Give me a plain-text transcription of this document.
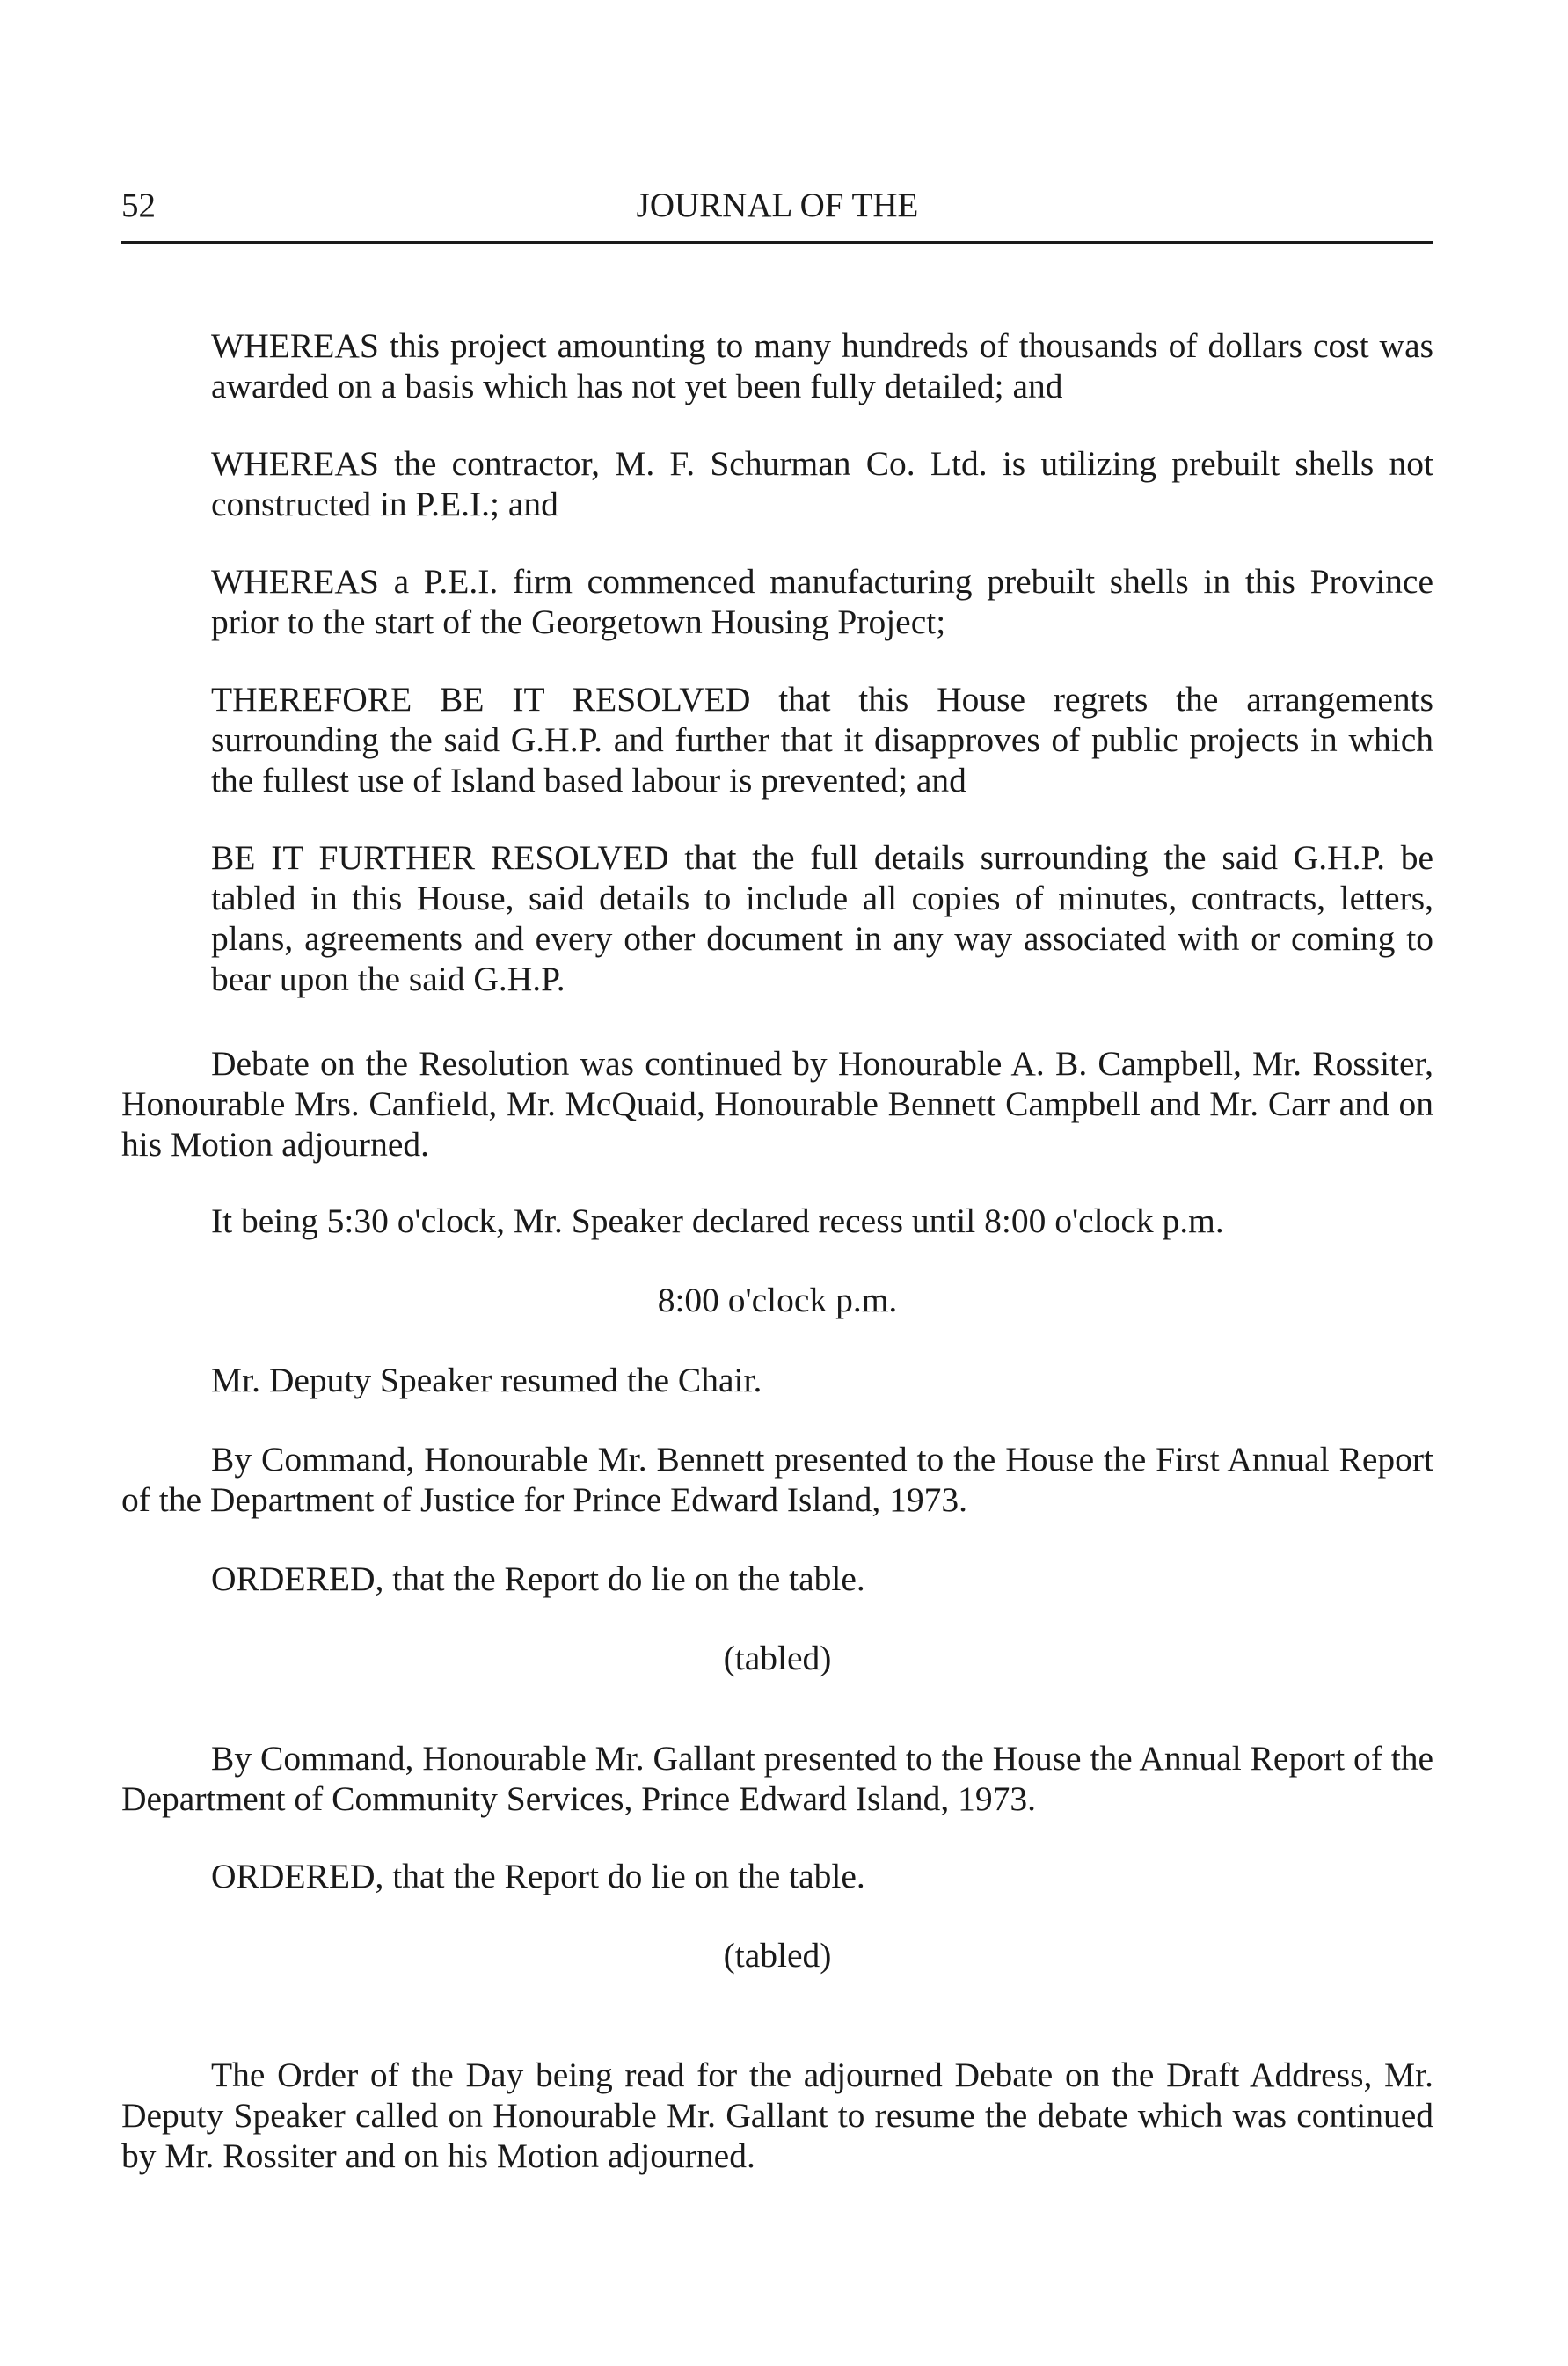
52	JOURNAL OF THE

WHEREAS this project amounting to many hundreds of thousands of dollars cost was awarded on a basis which has not yet been fully detailed; and

WHEREAS the contractor, M. F. Schurman Co. Ltd. is utilizing prebuilt shells not constructed in P.E.I.; and

WHEREAS a P.E.I. firm commenced manufacturing prebuilt shells in this Province prior to the start of the Georgetown Housing Project;

THEREFORE BE IT RESOLVED that this House regrets the arrangements surrounding the said G.H.P. and further that it disapproves of public projects in which the fullest use of Island based labour is prevented; and

BE IT FURTHER RESOLVED that the full details surrounding the said G.H.P. be tabled in this House, said details to include all copies of minutes, contracts, letters, plans, agreements and every other document in any way associated with or coming to bear upon the said G.H.P.

Debate on the Resolution was continued by Honourable A. B. Campbell, Mr. Rossiter, Honourable Mrs. Canfield, Mr. McQuaid, Honourable Bennett Campbell and Mr. Carr and on his Motion adjourned.

It being 5:30 o'clock, Mr. Speaker declared recess until 8:00 o'clock p.m.

8:00 o'clock p.m.

Mr. Deputy Speaker resumed the Chair.

By Command, Honourable Mr. Bennett presented to the House the First Annual Report of the Department of Justice for Prince Edward Island, 1973.

ORDERED, that the Report do lie on the table.

(tabled)

By Command, Honourable Mr. Gallant presented to the House the Annual Report of the Department of Community Services, Prince Edward Island, 1973.

ORDERED, that the Report do lie on the table.

(tabled)

The Order of the Day being read for the adjourned Debate on the Draft Address, Mr. Deputy Speaker called on Honourable Mr. Gallant to resume the debate which was continued by Mr. Rossiter and on his Motion adjourned.
